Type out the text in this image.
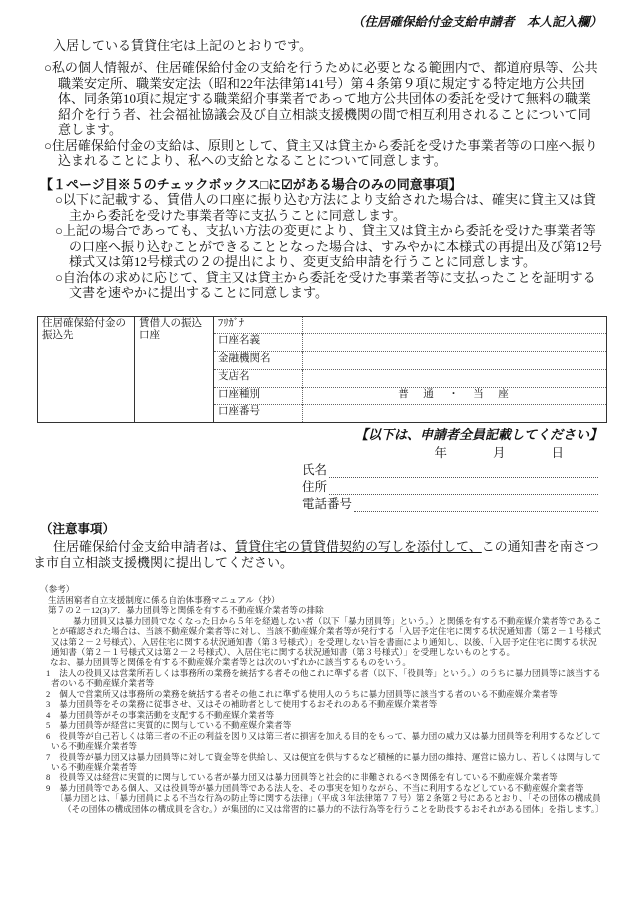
（住居確保給付金支給申請者　本人記入欄）

入居している賃貸住宅は上記のとおりです。

○私の個人情報が、住居確保給付金の支給を行うために必要となる範囲内で、都道府県等、公共職業安定所、職業安定法（昭和22年法律第141号）第４条第９項に規定する特定地方公共団体、同条第10項に規定する職業紹介事業者であって地方公共団体の委託を受けて無料の職業紹介を行う者、社会福祉協議会及び自立相談支援機関の間で相互利用されることについて同意します。
○住居確保給付金の支給は、原則として、貸主又は貸主から委託を受けた事業者等の口座へ振り込まれることにより、私への支給となることについて同意します。
【１ページ目※５のチェックボックス□に☑がある場合のみの同意事項】
○以下に記載する、賃借人の口座に振り込む方法により支給された場合は、確実に貸主又は貸主から委託を受けた事業者等に支払うことに同意します。
○上記の場合であっても、支払い方法の変更により、貸主又は貸主から委託を受けた事業者等の口座へ振り込むことができることとなった場合は、すみやかに本様式の再提出及び第12号様式又は第12号様式の２の提出により、変更支給申請を行うことに同意します。
○自治体の求めに応じて、貸主又は貸主から委託を受けた事業者等に支払ったことを証明する文書を速やかに提出することに同意します。
住居確保給付金の振込先	賃借人の振込口座	ﾌﾘｶﾞﾅ	
		口座名義	
		金融機関名	
		支店名	
		口座種別	普　通　・　当　座
		口座番号	
【以下は、申請者全員記載してください】
年	月	日
氏名
住所
電話番号
（注意事項）

住居確保給付金支給申請者は、賃貸住宅の賃貸借契約の写しを添付して、この通知書を南さつま市自立相談支援機関に提出してください。

（参考）
生活困窮者自立支援制度に係る自治体事務マニュアル（抄）
第７の２－12(3)ア．暴力団員等と関係を有する不動産媒介業者等の排除
暴力団員又は暴力団員でなくなった日から５年を経過しない者（以下「暴力団員等」という。）と関係を有する不動産媒介業者等であることが確認された場合は、当該不動産媒介業者等に対し、当該不動産媒介業者等が発行する「入居予定住宅に関する状況通知書（第２－１号様式又は第２－２号様式）、入居住宅に関する状況通知書（第３号様式）」を受理しない旨を書面により通知し、以後、「入居予定住宅に関する状況通知書（第２－１号様式又は第２－２号様式）、入居住宅に関する状況通知書（第３号様式）」を受理しないものとする。
なお、暴力団員等と関係を有する不動産媒介業者等とは次のいずれかに該当するものをいう。
1 法人の役員又は営業所若しくは事務所の業務を統括する者その他これに準ずる者（以下、「役員等」という。）のうちに暴力団員等に該当する者のいる不動産媒介業者等
2 個人で営業所又は事務所の業務を統括する者その他これに準ずる使用人のうちに暴力団員等に該当する者のいる不動産媒介業者等
3 暴力団員等をその業務に従事させ、又はその補助者として使用するおそれのある不動産媒介業者等
4 暴力団員等がその事業活動を支配する不動産媒介業者等
5 暴力団員等が経営に実質的に関与している不動産媒介業者等
6 役員等が自己若しくは第三者の不正の利益を図り又は第三者に損害を加える目的をもって、暴力団の威力又は暴力団員等を利用するなどしている不動産媒介業者等
7 役員等が暴力団又は暴力団員等に対して資金等を供給し、又は便宜を供与するなど積極的に暴力団の維持、運営に協力し、若しくは関与している不動産媒介業者等
8 役員等又は経営に実質的に関与している者が暴力団又は暴力団員等と社会的に非難されるべき関係を有している不動産媒介業者等
9 暴力団員等である個人、又は役員等が暴力団員等である法人を、その事実を知りながら、不当に利用するなどしている不動産媒介業者等
〔暴力団とは、「暴力団員による不当な行為の防止等に関する法律」（平成３年法律第７７号）第２条第２号にあるとおり、「その団体の構成員（その団体の構成団体の構成員を含む。）が集団的に又は常習的に暴力的不法行為等を行うことを助長するおそれがある団体」を指します。〕
